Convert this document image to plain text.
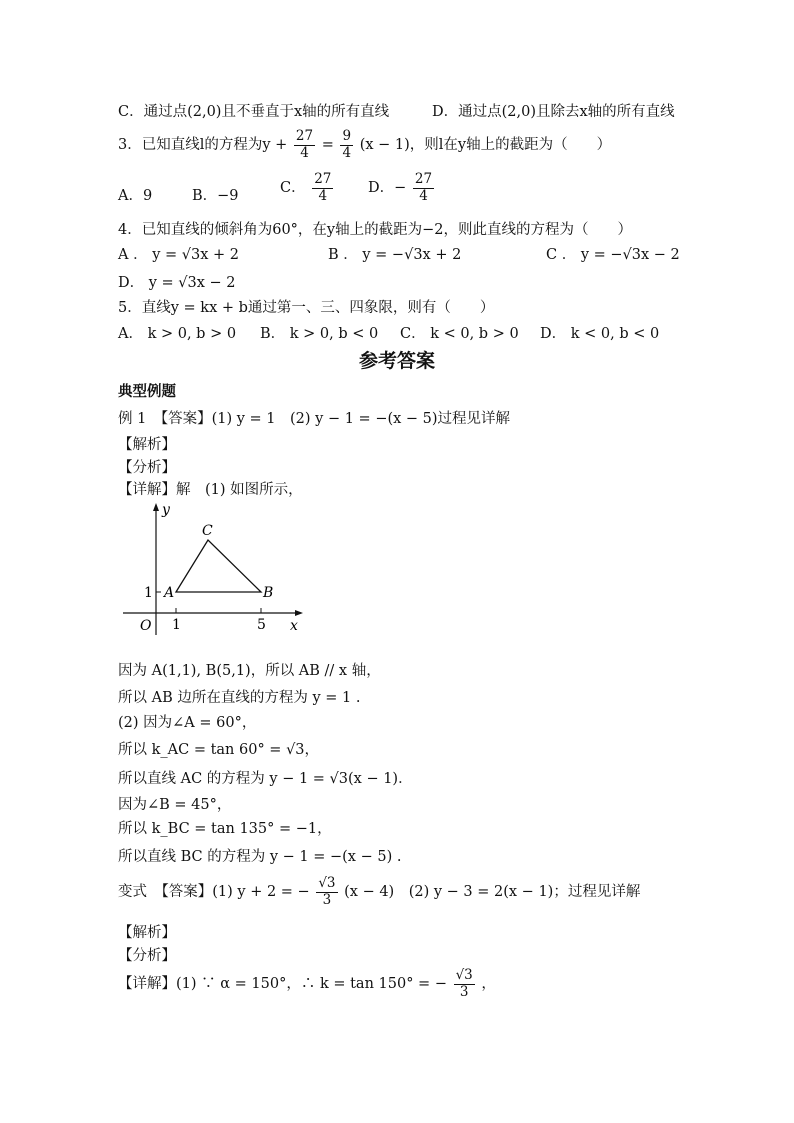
C．通过点(2,0)且不垂直于x轴的所有直线	D．通过点(2,0)且除去x轴的所有直线
3．已知直线l的方程为$y + \frac{27}{4} = \frac{9}{4} (x - 1)$，则l在y轴上的截距为（　　）
A．9	B．−9	C． $\frac{27}{4}$ D．− $\frac{27}{4}$
4．已知直线的倾斜角为60°，在y轴上的截距为−2，则此直线的方程为（　　）
A ． y = √3x + 2	B ． y = −√3x + 2	C ． y = −√3x − 2
D． y = √3x − 2
5．直线y = kx + b通过第一、三、四象限，则有（　　）
A． k > 0, b > 0 B． k > 0, b < 0 C． k < 0, b > 0 D． k < 0, b < 0
参考答案
典型例题
例 1　【答案】(1) y = 1　(2) y − 1 = −(x − 5)过程见详解
【解析】
【分析】
【详解】解　(1) 如图所示，
y
x
O
A	B
C
1	5
1
因为 A(1,1), B(5,1)，所以 AB // x 轴，
所以 AB 边所在直线的方程为 y = 1 .
(2) 因为∠A = 60°，
所以 k_AC = tan 60° = √3，
所以直线 AC 的方程为 y − 1 = √3(x − 1)．
因为∠B = 45°，
所以 k_BC = tan 135° = −1，
所以直线 BC 的方程为 y − 1 = −(x − 5) .
变式　【答案】(1) y + 2 = − $\frac{√3}{3} (x - 4)$　(2) y − 3 = 2(x − 1)；过程见详解
【解析】
【分析】
【详解】(1) ∵ α = 150°，∴ k = tan 150° = − $\frac{√3}{3}$ ，
